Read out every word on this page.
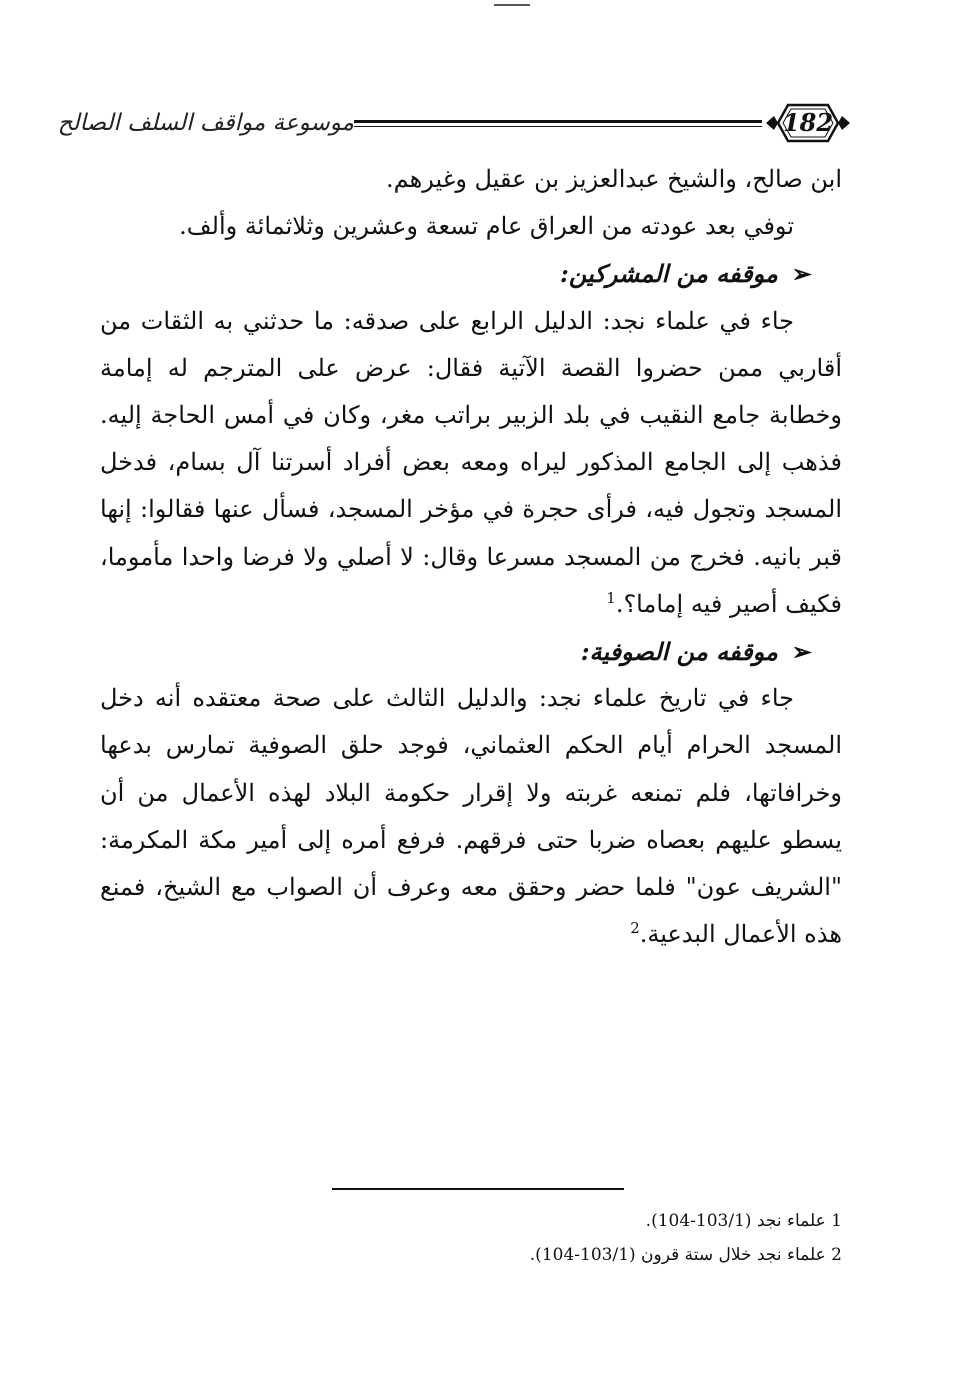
موسوعة مواقف السلف الصالح	182

ابن صالح، والشيخ عبدالعزيز بن عقيل وغيرهم.

توفي بعد عودته من العراق عام تسعة وعشرين وثلاثمائة وألف.

➢موقفه من المشركين:

جاء في علماء نجد: الدليل الرابع على صدقه: ما حدثني به الثقات من أقاربي ممن حضروا القصة الآتية فقال: عرض على المترجم له إمامة وخطابة جامع النقيب في بلد الزبير براتب مغر، وكان في أمس الحاجة إليه. فذهب إلى الجامع المذكور ليراه ومعه بعض أفراد أسرتنا آل بسام، فدخل المسجد وتجول فيه، فرأى حجرة في مؤخر المسجد، فسأل عنها فقالوا: إنها قبر بانيه. فخرج من المسجد مسرعا وقال: لا أصلي ولا فرضا واحدا مأموما، فكيف أصير فيه إماما؟.$^1$

➢موقفه من الصوفية:

جاء في تاريخ علماء نجد: والدليل الثالث على صحة معتقده أنه دخل المسجد الحرام أيام الحكم العثماني، فوجد حلق الصوفية تمارس بدعها وخرافاتها، فلم تمنعه غربته ولا إقرار حكومة البلاد لهذه الأعمال من أن يسطو عليهم بعصاه ضربا حتى فرقهم. فرفع أمره إلى أمير مكة المكرمة: "الشريف عون" فلما حضر وحقق معه وعرف أن الصواب مع الشيخ، فمنع هذه الأعمال البدعية.$^2$

1 علماء نجد (103/1-104).

2 علماء نجد خلال ستة قرون (103/1-104).
